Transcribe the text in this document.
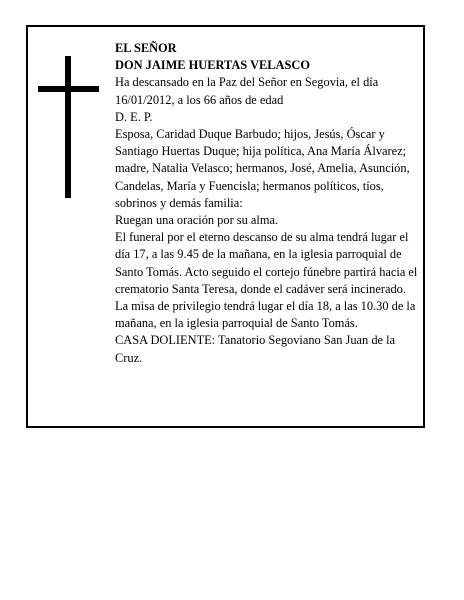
EL SEÑOR

DON JAIME HUERTAS VELASCO

Ha descansado en la Paz del Señor en Segovia, el día 16/01/2012, a los 66 años de edad

D. E. P.

Esposa, Caridad Duque Barbudo; hijos, Jesús, Óscar y Santiago Huertas Duque; hija política, Ana María Álvarez; madre, Natalia Velasco; hermanos, José, Amelia, Asunción, Candelas, María y Fuencisla; hermanos políticos, tíos, sobrinos y demás familia:

Ruegan una oración por su alma.

El funeral por el eterno descanso de su alma tendrá lugar el día 17, a las 9.45 de la mañana, en la iglesia parroquial de Santo Tomás. Acto seguido el cortejo fúnebre partirá hacia el crematorio Santa Teresa, donde el cadáver será incinerado. La misa de privilegio tendrá lugar el día 18, a las 10.30 de la mañana, en la iglesia parroquial de Santo Tomás.

CASA DOLIENTE: Tanatorio Segoviano San Juan de la Cruz.
